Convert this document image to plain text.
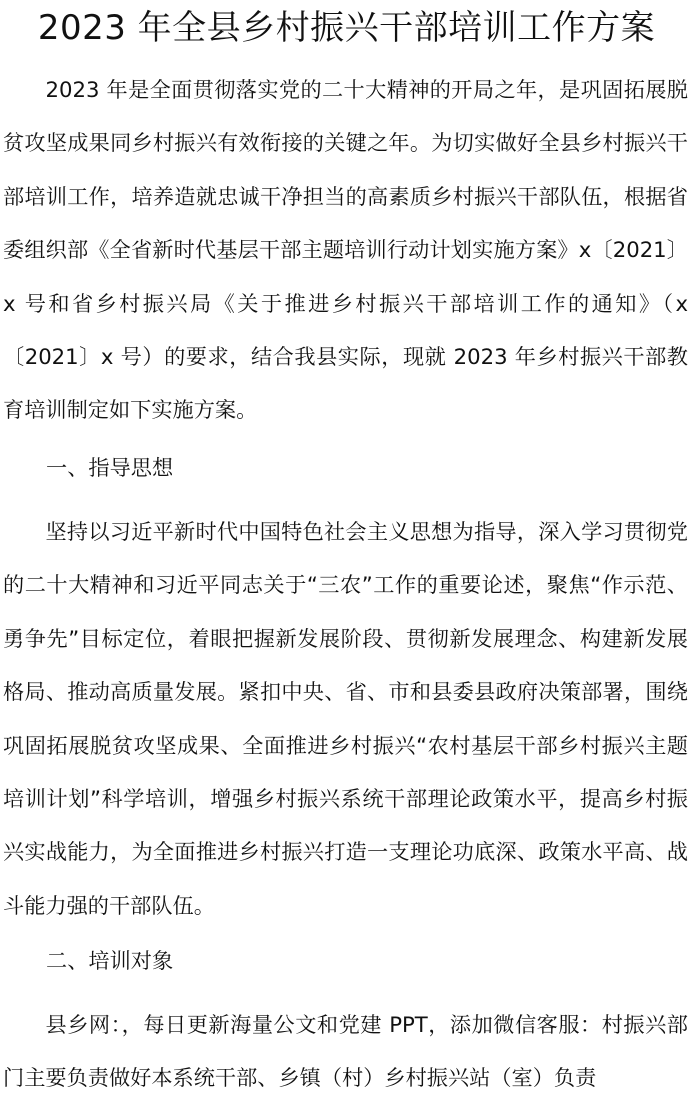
2023 年全县乡村振兴干部培训工作方案

2023 年是全面贯彻落实党的二十大精神的开局之年，是巩固拓展脱贫攻坚成果同乡村振兴有效衔接的关键之年。为切实做好全县乡村振兴干部培训工作，培养造就忠诚干净担当的高素质乡村振兴干部队伍，根据省委组织部《全省新时代基层干部主题培训行动计划实施方案》x〔2021〕x 号和省乡村振兴局《关于推进乡村振兴干部培训工作的通知》（x〔2021〕x 号）的要求，结合我县实际，现就 2023 年乡村振兴干部教育培训制定如下实施方案。

一、指导思想

坚持以习近平新时代中国特色社会主义思想为指导，深入学习贯彻党的二十大精神和习近平同志关于“三农”工作的重要论述，聚焦“作示范、勇争先”目标定位，着眼把握新发展阶段、贯彻新发展理念、构建新发展格局、推动高质量发展。紧扣中央、省、市和县委县政府决策部署，围绕巩固拓展脱贫攻坚成果、全面推进乡村振兴“农村基层干部乡村振兴主题培训计划”科学培训，增强乡村振兴系统干部理论政策水平，提高乡村振兴实战能力，为全面推进乡村振兴打造一支理论功底深、政策水平高、战斗能力强的干部队伍。

二、培训对象

县乡网：，每日更新海量公文和党建 PPT，添加微信客服：村振兴部门主要负责做好本系统干部、乡镇（村）乡村振兴站（室）负责
